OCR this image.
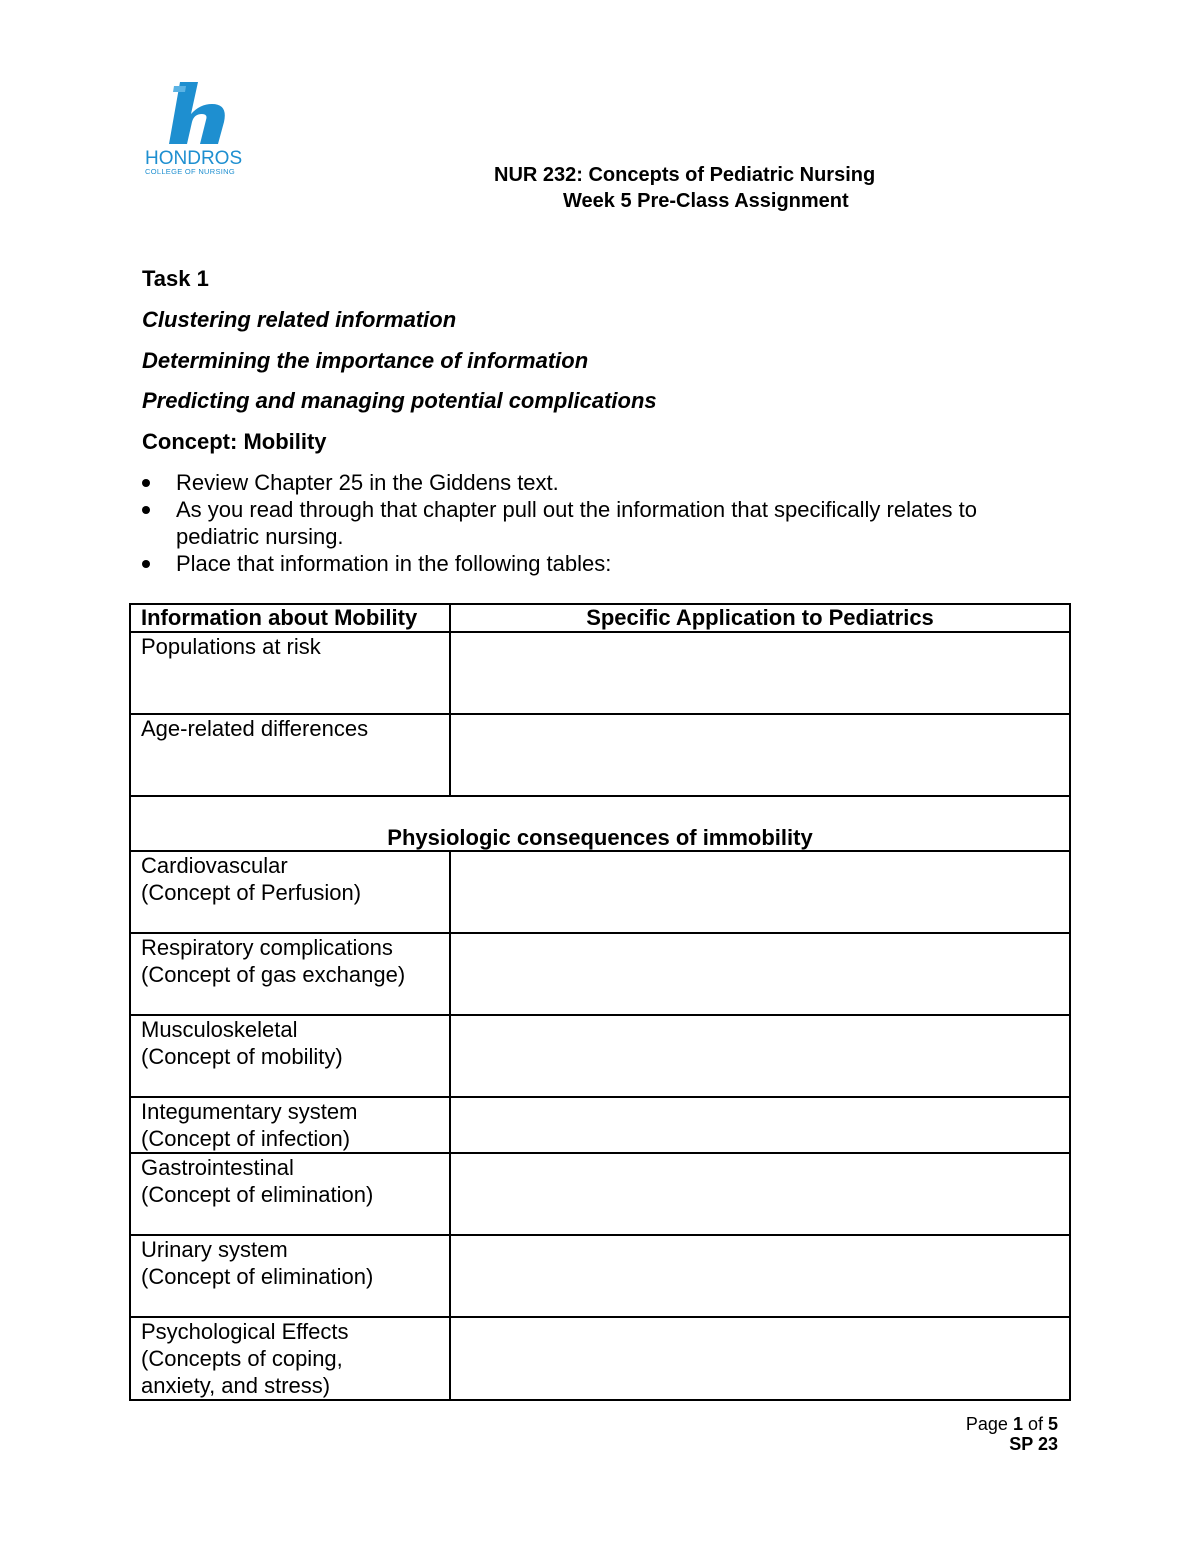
HONDROS
COLLEGE OF NURSING	NUR 232: Concepts of Pediatric Nursing
Week 5 Pre-Class Assignment
Task 1
Clustering related information
Determining the importance of information
Predicting and managing potential complications
Concept: Mobility
Review Chapter 25 in the Giddens text.
As you read through that chapter pull out the information that specifically relates to pediatric nursing.
Place that information in the following tables:
Information about Mobility	Specific Application to Pediatrics
Populations at risk	
Age-related differences	
Physiologic consequences of immobility	
Cardiovascular
(Concept of Perfusion)	
Respiratory complications
(Concept of gas exchange)	
Musculoskeletal
(Concept of mobility)	
Integumentary system
(Concept of infection)	
Gastrointestinal
(Concept of elimination)	
Urinary system
(Concept of elimination)	
Psychological Effects
(Concepts of coping,
anxiety, and stress)	
Page 1 of 5
SP 23
